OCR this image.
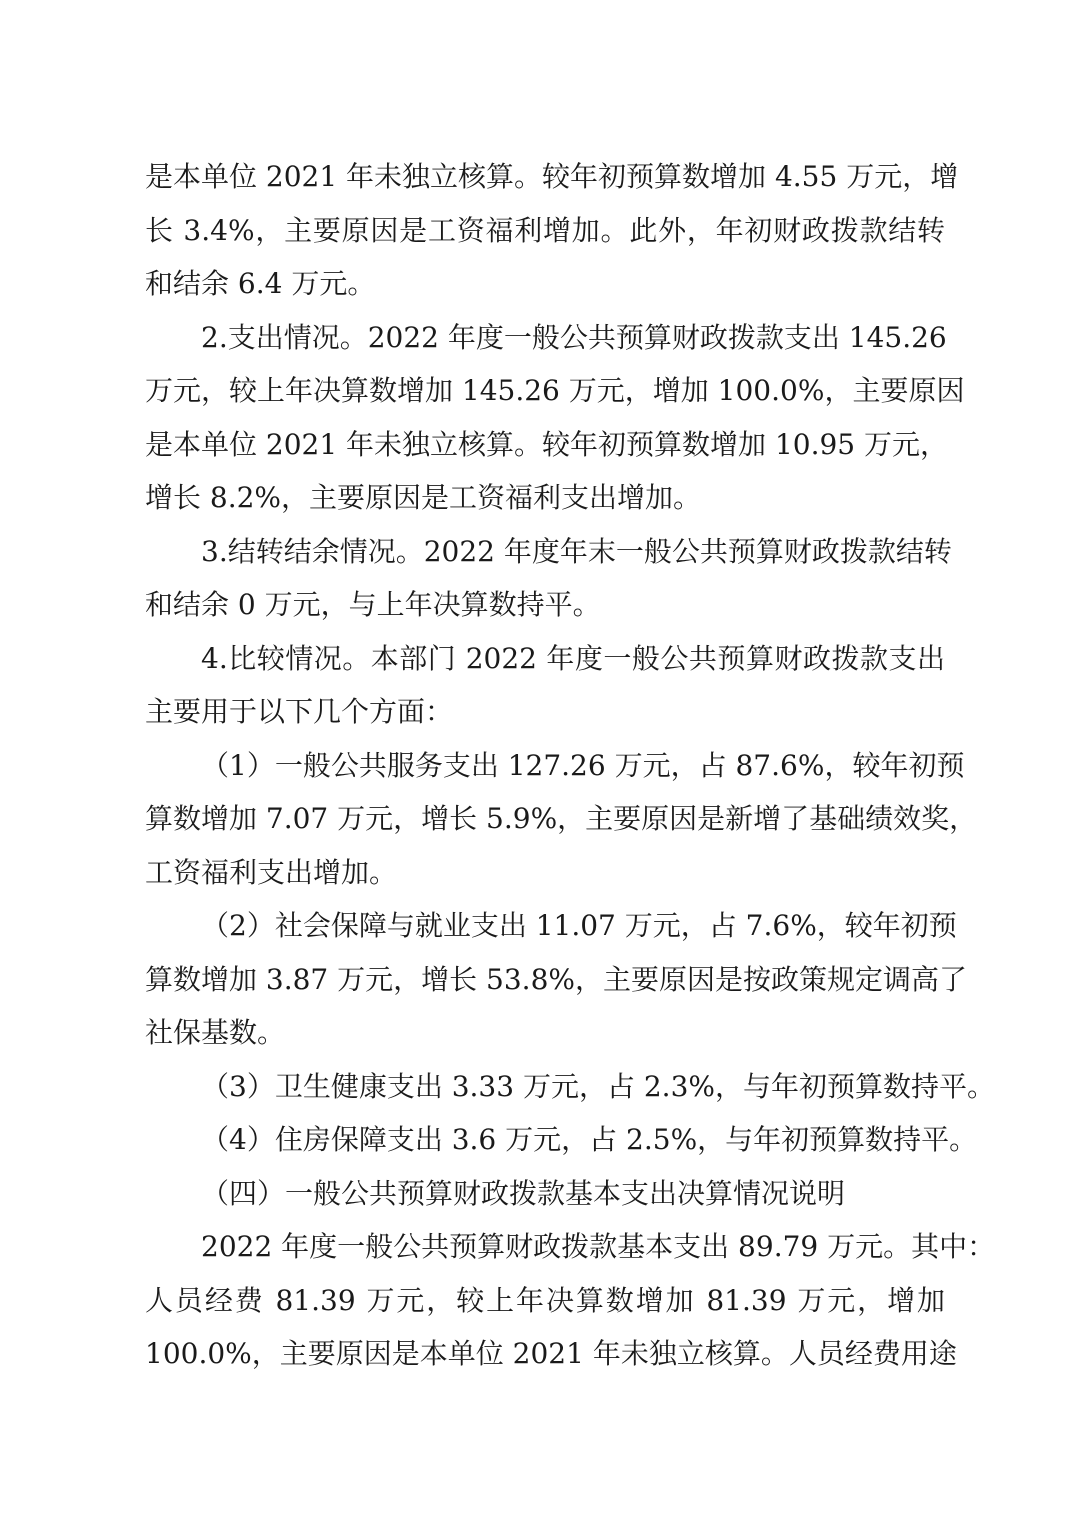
是本单位 2021 年未独立核算。较年初预算数增加 4.55 万元，增
长 3.4%，主要原因是工资福利增加。此外，年初财政拨款结转
和结余 6.4 万元。
2.支出情况。2022 年度一般公共预算财政拨款支出 145.26
万元，较上年决算数增加 145.26 万元，增加 100.0%，主要原因
是本单位 2021 年未独立核算。较年初预算数增加 10.95 万元，
增长 8.2%，主要原因是工资福利支出增加。
3.结转结余情况。2022 年度年末一般公共预算财政拨款结转
和结余 0 万元，与上年决算数持平。
4.比较情况。本部门 2022 年度一般公共预算财政拨款支出
主要用于以下几个方面：
（1）一般公共服务支出 127.26 万元，占 87.6%，较年初预
算数增加 7.07 万元，增长 5.9%，主要原因是新增了基础绩效奖，
工资福利支出增加。
（2）社会保障与就业支出 11.07 万元，占 7.6%，较年初预
算数增加 3.87 万元，增长 53.8%，主要原因是按政策规定调高了
社保基数。
（3）卫生健康支出 3.33 万元，占 2.3%，与年初预算数持平。
（4）住房保障支出 3.6 万元，占 2.5%，与年初预算数持平。
（四）一般公共预算财政拨款基本支出决算情况说明
2022 年度一般公共预算财政拨款基本支出 89.79 万元。其中：
人员经费 81.39 万元，较上年决算数增加 81.39 万元，增加
100.0%，主要原因是本单位 2021 年未独立核算。人员经费用途
